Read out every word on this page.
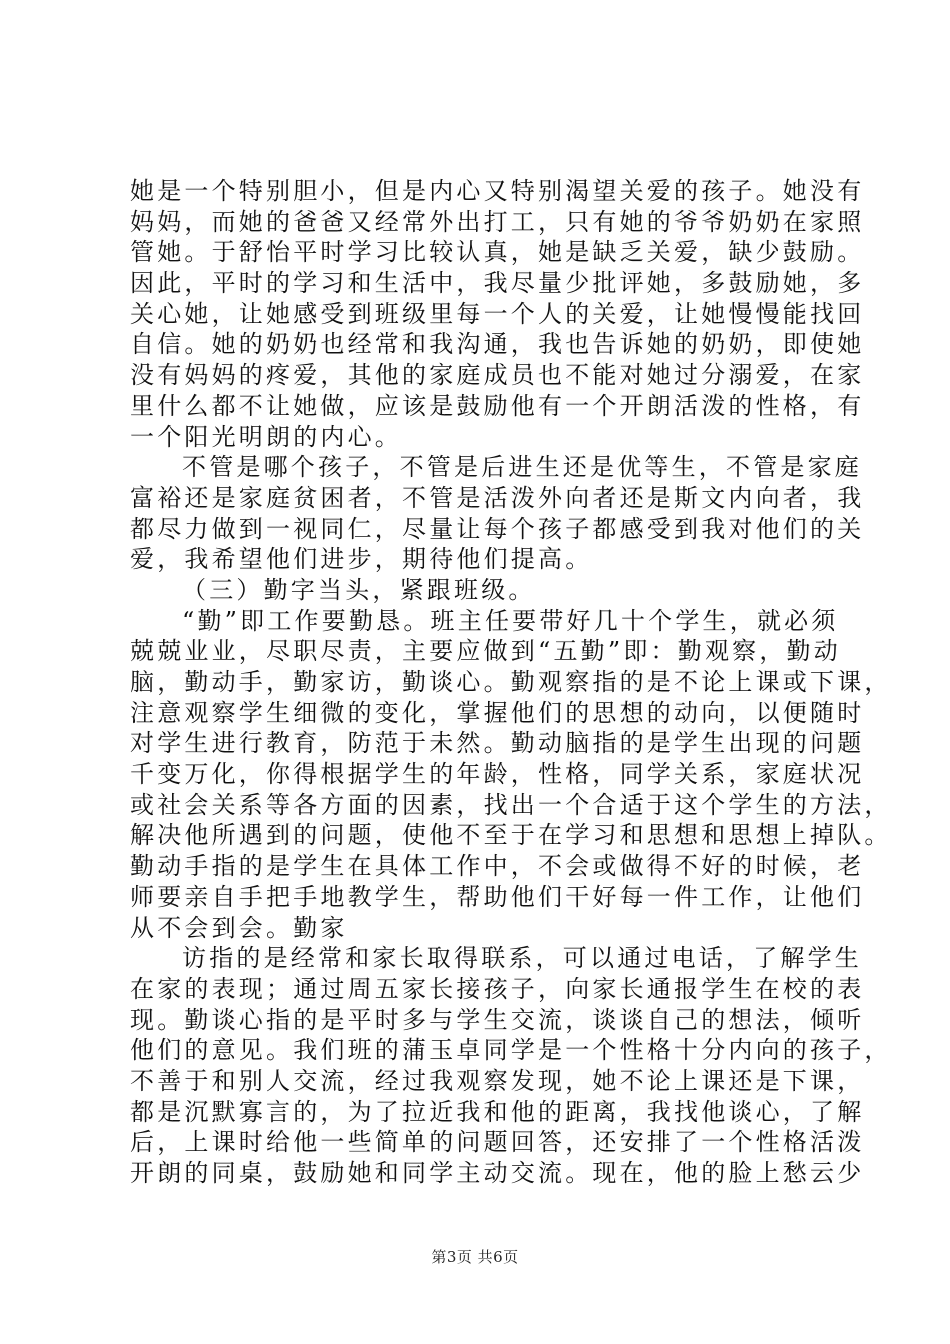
她是一个特别胆小，但是内心又特别渴望关爱的孩子。她没有
妈妈，而她的爸爸又经常外出打工，只有她的爷爷奶奶在家照
管她。于舒怡平时学习比较认真，她是缺乏关爱，缺少鼓励。
因此，平时的学习和生活中，我尽量少批评她，多鼓励她，多
关心她，让她感受到班级里每一个人的关爱，让她慢慢能找回
自信。她的奶奶也经常和我沟通，我也告诉她的奶奶，即使她
没有妈妈的疼爱，其他的家庭成员也不能对她过分溺爱，在家
里什么都不让她做，应该是鼓励他有一个开朗活泼的性格，有
一个阳光明朗的内心。
不管是哪个孩子，不管是后进生还是优等生，不管是家庭
富裕还是家庭贫困者，不管是活泼外向者还是斯文内向者，我
都尽力做到一视同仁，尽量让每个孩子都感受到我对他们的关
爱，我希望他们进步，期待他们提高。
（三）勤字当头，紧跟班级。
“勤”即工作要勤恳。班主任要带好几十个学生，就必须
兢兢业业，尽职尽责，主要应做到“五勤”即：勤观察，勤动
脑，勤动手，勤家访，勤谈心。勤观察指的是不论上课或下课，
注意观察学生细微的变化，掌握他们的思想的动向，以便随时
对学生进行教育，防范于未然。勤动脑指的是学生出现的问题
千变万化，你得根据学生的年龄，性格，同学关系，家庭状况
或社会关系等各方面的因素，找出一个合适于这个学生的方法，
解决他所遇到的问题，使他不至于在学习和思想和思想上掉队。
勤动手指的是学生在具体工作中，不会或做得不好的时候，老
师要亲自手把手地教学生，帮助他们干好每一件工作，让他们
从不会到会。勤家
访指的是经常和家长取得联系，可以通过电话，了解学生
在家的表现；通过周五家长接孩子，向家长通报学生在校的表
现。勤谈心指的是平时多与学生交流，谈谈自己的想法，倾听
他们的意见。我们班的蒲玉卓同学是一个性格十分内向的孩子，
不善于和别人交流，经过我观察发现，她不论上课还是下课，
都是沉默寡言的，为了拉近我和他的距离，我找他谈心，了解
后，上课时给他一些简单的问题回答，还安排了一个性格活泼
开朗的同桌，鼓励她和同学主动交流。现在，他的脸上愁云少
第3页 共6页
